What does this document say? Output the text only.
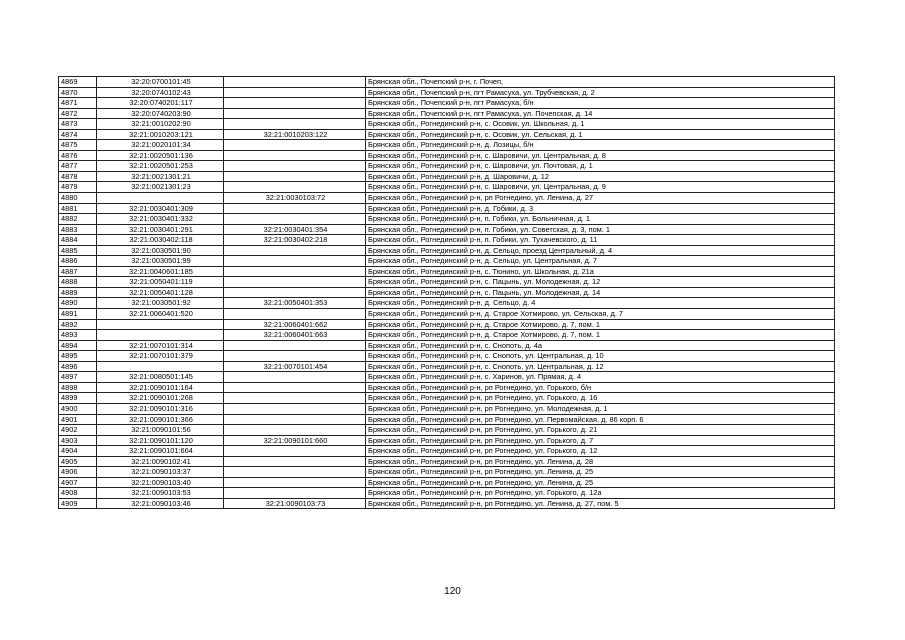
4869	32:20:0700101:45		Брянская обл., Почепский р-н, г. Почеп,
4870	32:20:0740102:43		Брянская обл., Почепский р-н, пгт Рамасуха, ул. Трубчевская, д. 2
4871	32:20:0740201:117		Брянская обл., Почепский р-н, пгт Рамасуха, б/н
4872	32:20:0740203:90		Брянская обл., Почепский р-н, пгт Рамасуха, ул. Почепская, д. 14
4873	32:21:0010202:90		Брянская обл., Рогнединский р-н, с. Осовик, ул. Школьная, д. 1
4874	32:21:0010203:121	32:21:0010203:122	Брянская обл., Рогнединский р-н, с. Осовик, ул. Сельская, д. 1
4875	32:21:0020101:34		Брянская обл., Рогнединский р-н, д. Лозицы, б/н
4876	32:21:0020501:136		Брянская обл., Рогнединский р-н, с. Шаровичи, ул. Центральная, д. 8
4877	32:21:0020501:253		Брянская обл., Рогнединский р-н, с. Шаровичи, ул. Почтовая, д. 1
4878	32:21:0021301:21		Брянская обл., Рогнединский р-н, д. Шаровичи, д. 12
4879	32:21:0021301:23		Брянская обл., Рогнединский р-н, с. Шаровичи, ул. Центральная, д. 9
4880		32:21:0030103:72	Брянская обл., Рогнединский р-н, рп Рогнедино, ул. Ленина, д. 27
4881	32:21:0030401:309		Брянская обл., Рогнединский р-н, д. Гобики, д. 3
4882	32:21:0030401:332		Брянская обл., Рогнединский р-н, п. Гобики, ул. Больничная, д. 1
4883	32:21:0030401:291	32:21:0030401:354	Брянская обл., Рогнединский р-н, п. Гобики, ул. Советская, д. 3, пом. 1
4884	32:21:0030402:118	32:21:0030402:218	Брянская обл., Рогнединский р-н, п. Гобики, ул. Тухачевского, д. 11
4885	32:21:0030501:90		Брянская обл., Рогнединский р-н, д. Сельцо, проезд Центральный, д. 4
4886	32:21:0030501:99		Брянская обл., Рогнединский р-н, д. Сельцо, ул. Центральная, д. 7
4887	32:21:0040601:185		Брянская обл., Рогнединский р-н, с. Тюнино, ул. Школьная, д. 21а
4888	32:21:0050401:119		Брянская обл., Рогнединский р-н, с. Пацынь, ул. Молодежная, д. 12
4889	32:21:0050401:128		Брянская обл., Рогнединский р-н, с. Пацынь, ул. Молодежная, д. 14
4890	32:21:0030501:92	32:21:0050401:353	Брянская обл., Рогнединский р-н, д. Сельцо, д. 4
4891	32:21:0060401:520		Брянская обл., Рогнединский р-н, д. Старое Хотмирово, ул. Сельская, д. 7
4892		32:21:0060401:662	Брянская обл., Рогнединский р-н, д. Старое Хотмирово, д. 7, пом. 1
4893		32:21:0060401:663	Брянская обл., Рогнединский р-н, д. Старое Хотмирово, д. 7, пом. 1
4894	32:21:0070101:314		Брянская обл., Рогнединский р-н, с. Снопоть, д. 4а
4895	32:21:0070101:379		Брянская обл., Рогнединский р-н, с. Снопоть, ул. Центральная, д. 10
4896		32:21:0070101:454	Брянская обл., Рогнединский р-н, с. Снопоть, ул. Центральная, д. 12
4897	32:21:0080501:145		Брянская обл., Рогнединский р-н, с. Харинов, ул. Прямая, д. 4
4898	32:21:0090101:164		Брянская обл., Рогнединский р-н, рп Рогнедино, ул. Горького, б/н
4899	32:21:0090101:268		Брянская обл., Рогнединский р-н, рп Рогнедино, ул. Горького, д. 16
4900	32:21:0090101:316		Брянская обл., Рогнединский р-н, рп Рогнедино, ул. Молодежная, д. 1
4901	32:21:0090101:366		Брянская обл., Рогнединский р-н, рп Рогнедино, ул. Первомайская, д. 86 корп. 6
4902	32:21:0090101:56		Брянская обл., Рогнединский р-н, рп Рогнедино, ул. Горького, д. 21
4903	32:21:0090101:120	32:21:0090101:660	Брянская обл., Рогнединский р-н, рп Рогнедино, ул. Горького, д. 7
4904	32:21:0090101:664		Брянская обл., Рогнединский р-н, рп Рогнедино, ул. Горького, д. 12
4905	32:21:0090102:41		Брянская обл., Рогнединский р-н, рп Рогнедино, ул. Ленина, д. 28
4906	32:21:0090103:37		Брянская обл., Рогнединский р-н, рп Рогнедино, ул. Ленина, д. 25
4907	32:21:0090103:40		Брянская обл., Рогнединский р-н, рп Рогнедино, ул. Ленина, д. 25
4908	32:21:0090103:53		Брянская обл., Рогнединский р-н, рп Рогнедино, ул. Горького, д. 12а
4909	32:21:0090103:46	32:21:0090103:73	Брянская обл., Рогнединский р-н, рп Рогнедино, ул. Ленина, д. 27, пом. 5
120
